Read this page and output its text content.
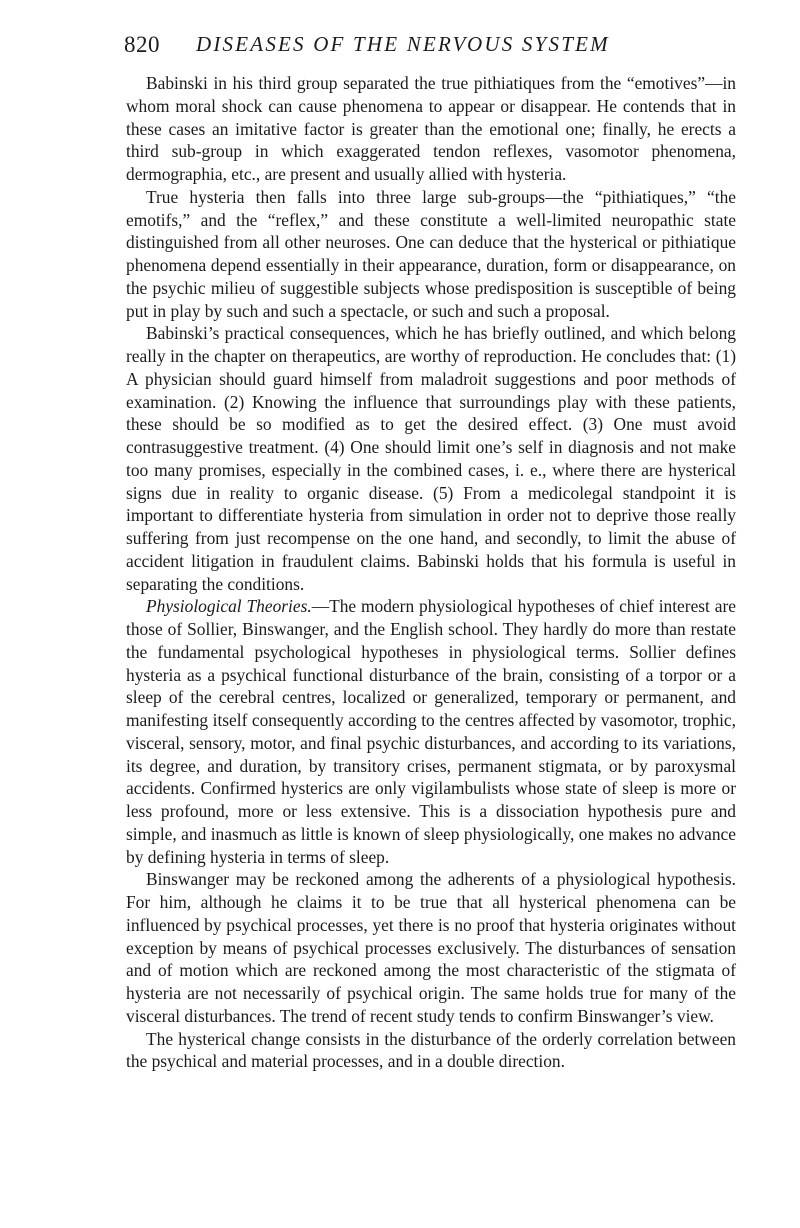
820 DISEASES OF THE NERVOUS SYSTEM

Babinski in his third group separated the true pithiatiques from the “emotives”—in whom moral shock can cause phenomena to appear or disappear. He contends that in these cases an imitative factor is greater than the emotional one; finally, he erects a third sub-group in which exaggerated tendon reflexes, vasomotor phenomena, dermographia, etc., are present and usually allied with hysteria.

True hysteria then falls into three large sub-groups—the “pithiatiques,” “the emotifs,” and the “reflex,” and these constitute a well-limited neuropathic state distinguished from all other neuroses. One can deduce that the hysterical or pithiatique phenomena depend essentially in their appearance, duration, form or disappearance, on the psychic milieu of suggestible subjects whose predisposition is susceptible of being put in play by such and such a spectacle, or such and such a proposal.

Babinski’s practical consequences, which he has briefly outlined, and which belong really in the chapter on therapeutics, are worthy of reproduction. He concludes that: (1) A physician should guard himself from maladroit suggestions and poor methods of examination. (2) Knowing the influence that surroundings play with these patients, these should be so modified as to get the desired effect. (3) One must avoid contrasuggestive treatment. (4) One should limit one’s self in diagnosis and not make too many promises, especially in the combined cases, i. e., where there are hysterical signs due in reality to organic disease. (5) From a medicolegal standpoint it is important to differentiate hysteria from simulation in order not to deprive those really suffering from just recompense on the one hand, and secondly, to limit the abuse of accident litigation in fraudulent claims. Babinski holds that his formula is useful in separating the conditions.

Physiological Theories.—The modern physiological hypotheses of chief interest are those of Sollier, Binswanger, and the English school. They hardly do more than restate the fundamental psychological hypotheses in physiological terms. Sollier defines hysteria as a psychical functional disturbance of the brain, consisting of a torpor or a sleep of the cerebral centres, localized or generalized, temporary or permanent, and manifesting itself consequently according to the centres affected by vasomotor, trophic, visceral, sensory, motor, and final psychic disturbances, and according to its variations, its degree, and duration, by transitory crises, permanent stigmata, or by paroxysmal accidents. Confirmed hysterics are only vigilambulists whose state of sleep is more or less profound, more or less extensive. This is a dissociation hypothesis pure and simple, and inasmuch as little is known of sleep physiologically, one makes no advance by defining hysteria in terms of sleep.

Binswanger may be reckoned among the adherents of a physiological hypothesis. For him, although he claims it to be true that all hysterical phenomena can be influenced by psychical processes, yet there is no proof that hysteria originates without exception by means of psychical processes exclusively. The disturbances of sensation and of motion which are reckoned among the most characteristic of the stigmata of hysteria are not necessarily of psychical origin. The same holds true for many of the visceral disturbances. The trend of recent study tends to confirm Binswanger’s view.

The hysterical change consists in the disturbance of the orderly correlation between the psychical and material processes, and in a double direction.
